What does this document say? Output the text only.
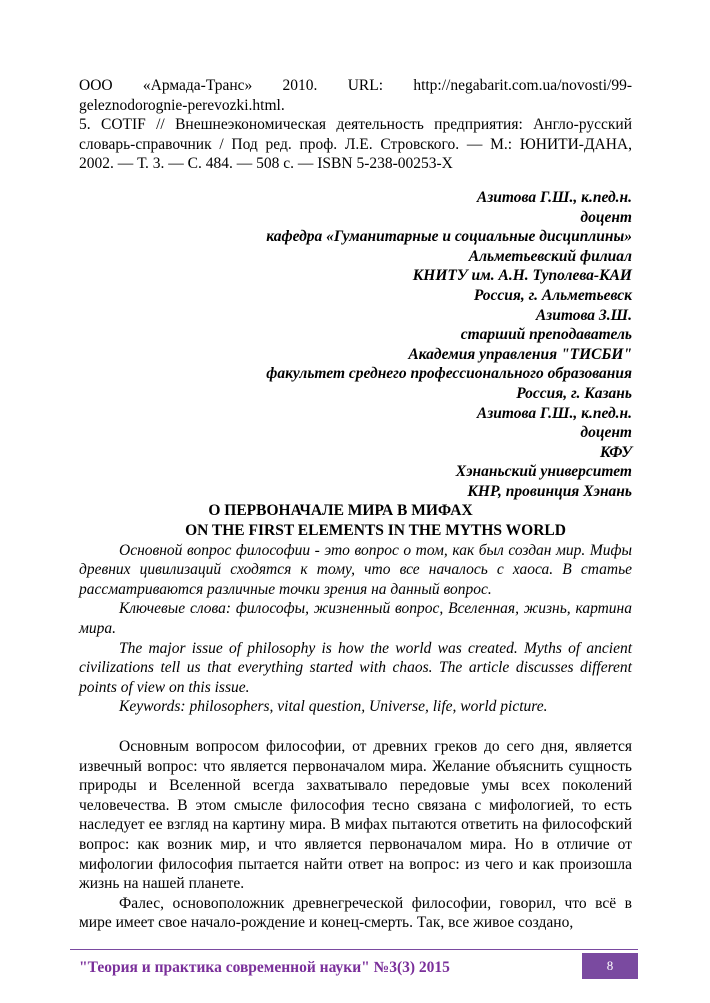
ООО «Армада-Транс» 2010. URL: http://negabarit.com.ua/novosti/99-

geleznodorognie-perevozki.html.

5. COTIF // Внешнеэкономическая деятельность предприятия: Англо-русский словарь-справочник / Под ред. проф. Л.Е. Стровского. — М.: ЮНИТИ-ДАНА, 2002. — Т. 3. — С. 484. — 508 с. — ISBN 5-238-00253-X

Азитова Г.Ш., к.пед.н.
доцент
кафедра «Гуманитарные и социальные дисциплины»
Альметьевский филиал
КНИТУ им. А.Н. Туполева-КАИ
Россия, г. Альметьевск
Азитова З.Ш.
старший преподаватель
Академия управления "ТИСБИ"
факультет среднего профессионального образования
Россия, г. Казань
Азитова Г.Ш., к.пед.н.
доцент
КФУ
Хэнаньский университет
КНР, провинция Хэнань
О ПЕРВОНАЧАЛЕ МИРА В МИФАХ
ON THE FIRST ELEMENTS IN THE MYTHS WORLD

Основной вопрос философии - это вопрос о том, как был создан мир. Мифы древних цивилизаций сходятся к тому, что все началось с хаоса. В статье рассматриваются различные точки зрения на данный вопрос.

Ключевые слова: философы, жизненный вопрос, Вселенная, жизнь, картина мира.

The major issue of philosophy is how the world was created. Myths of ancient civilizations tell us that everything started with chaos. The article discusses different points of view on this issue.

Keywords: philosophers, vital question, Universe, life, world picture.

Основным вопросом философии, от древних греков до сего дня, является извечный вопрос: что является первоначалом мира. Желание объяснить сущность природы и Вселенной всегда захватывало передовые умы всех поколений человечества. В этом смысле философия тесно связана с мифологией, то есть наследует ее взгляд на картину мира. В мифах пытаются ответить на философский вопрос: как возник мир, и что является первоначалом мира. Но в отличие от мифологии философия пытается найти ответ на вопрос: из чего и как произошла жизнь на нашей планете.

Фалес, основоположник древнегреческой философии, говорил, что всё в мире имеет свое начало-рождение и конец-смерть. Так, все живое создано,

"Теория и практика современной науки" №3(3) 2015	8
